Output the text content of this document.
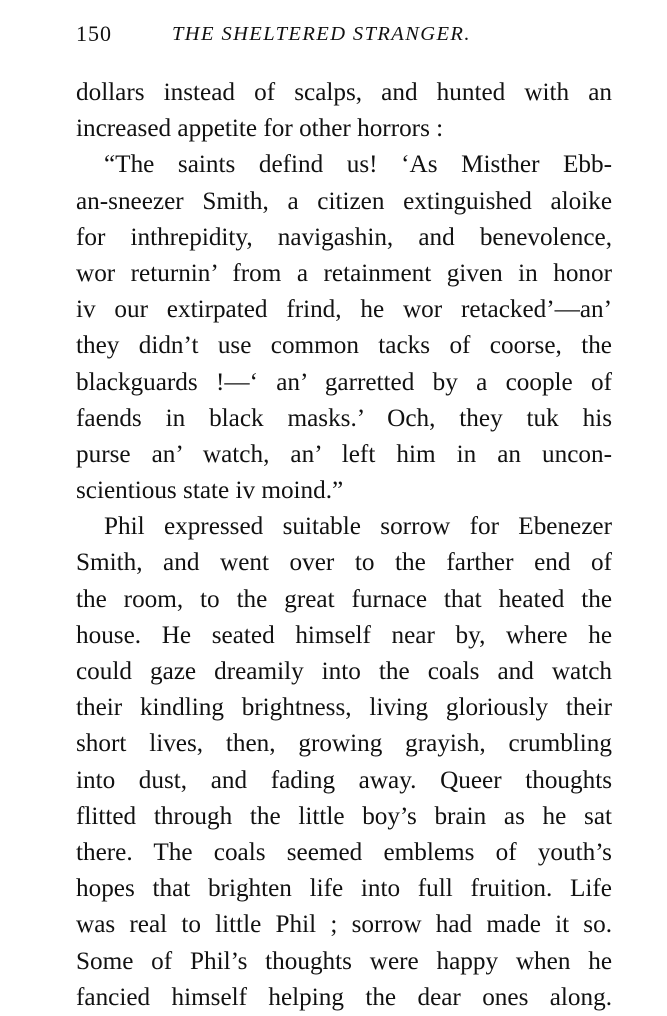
150	THE SHELTERED STRANGER.
dollars instead of scalps, and hunted with an
increased appetite for other horrors :
“The saints defind us! ‘As Misther Ebb-
an-sneezer Smith, a citizen extinguished aloike
for inthrepidity, navigashin, and benevolence,
wor returnin’ from a retainment given in honor
iv our extirpated frind, he wor retacked’—an’
they didn’t use common tacks of coorse, the
blackguards !—‘ an’ garretted by a coople of
faends in black masks.’ Och, they tuk his
purse an’ watch, an’ left him in an uncon-
scientious state iv moind.”
Phil expressed suitable sorrow for Ebenezer
Smith, and went over to the farther end of
the room, to the great furnace that heated the
house. He seated himself near by, where he
could gaze dreamily into the coals and watch
their kindling brightness, living gloriously their
short lives, then, growing grayish, crumbling
into dust, and fading away. Queer thoughts
flitted through the little boy’s brain as he sat
there. The coals seemed emblems of youth’s
hopes that brighten life into full fruition. Life
was real to little Phil ; sorrow had made it so.
Some of Phil’s thoughts were happy when he
fancied himself helping the dear ones along.
